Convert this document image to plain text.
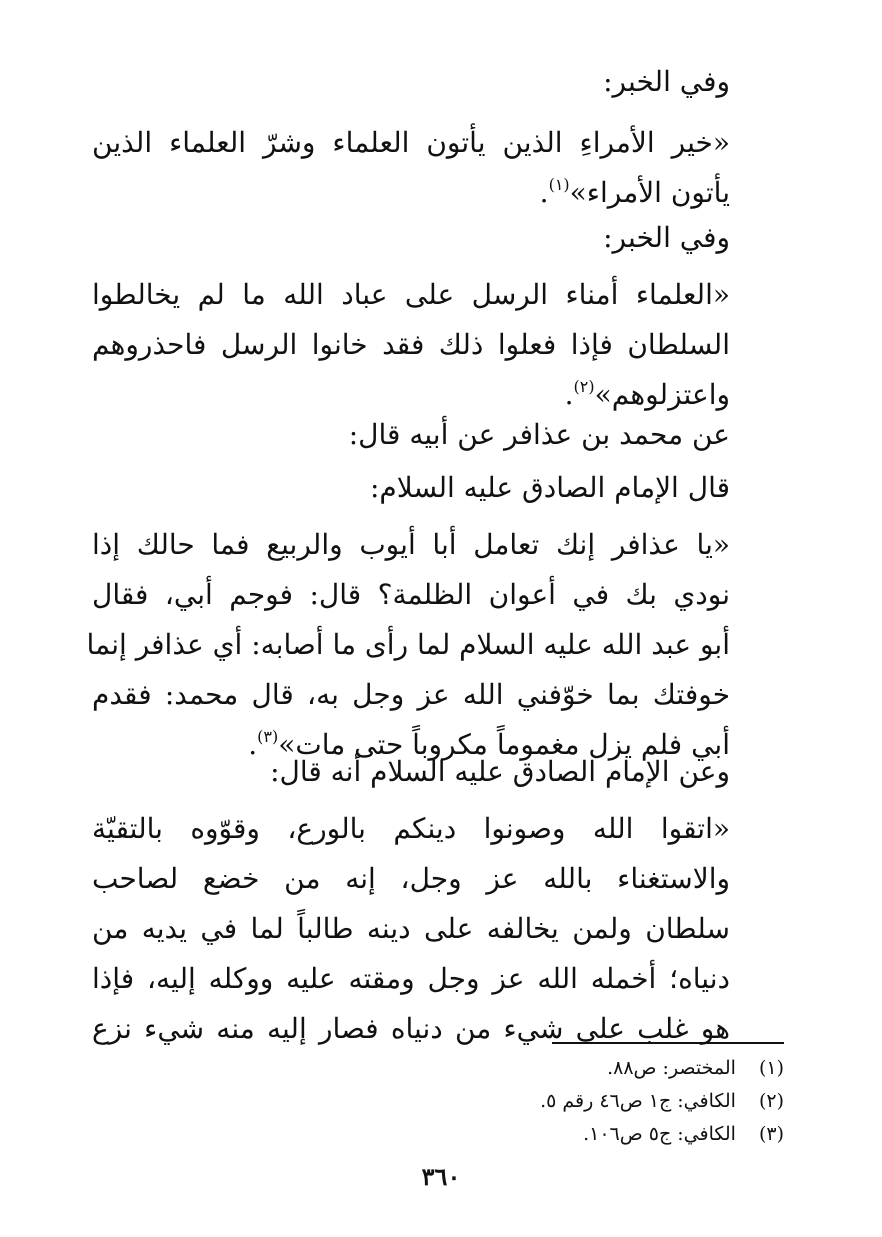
وفي الخبر:
«خير الأمراءِ الذين يأتون العلماء وشرّ العلماء الذين
يأتون الأمراء»$^{(١)}$.
وفي الخبر:
«العلماء أمناء الرسل على عباد الله ما لم يخالطوا
السلطان فإذا فعلوا ذلك فقد خانوا الرسل فاحذروهم
واعتزلوهم»$^{(٢)}$.
عن محمد بن عذافر عن أبيه قال:
قال الإمام الصادق عليه السلام:
«يا عذافر إنك تعامل أبا أيوب والربيع فما حالك إذا
نودي بك في أعوان الظلمة؟ قال: فوجم أبي، فقال
أبو عبد الله عليه السلام لما رأى ما أصابه: أي عذافر إنما
خوفتك بما خوّفني الله عز وجل به، قال محمد: فقدم
أبي فلم يزل مغموماً مكروباً حتى مات»$^{(٣)}$.
وعن الإمام الصادق عليه السلام أنه قال:
«اتقوا الله وصونوا دينكم بالورع، وقوّوه بالتقيّة
والاستغناء بالله عز وجل، إنه من خضع لصاحب
سلطان ولمن يخالفه على دينه طالباً لما في يديه من
دنياه؛ أخمله الله عز وجل ومقته عليه ووكله إليه، فإذا
هو غلب على شيء من دنياه فصار إليه منه شيء نزع
(١) المختصر: ص٨٨.
(٢) الكافي: ج١ ص٤٦ رقم ٥.
(٣) الكافي: ج٥ ص١٠٦.
٣٦٠
